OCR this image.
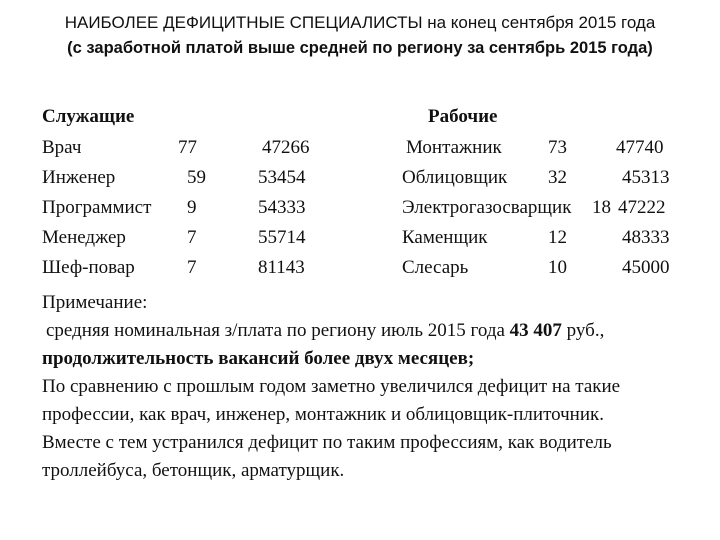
НАИБОЛЕЕ ДЕФИЦИТНЫЕ СПЕЦИАЛИСТЫ на конец сентября 2015 года
(с заработной платой выше средней по региону за сентябрь 2015 года)
Служащие
Врач	77	47266
Инженер	59	53454
Программист 9	54333
Менеджер	7	55714
Шеф-повар	7	81143
Рабочие
Монтажник 73	47740
Облицовщик 32	45313
Электрогазосварщик 18 47222
Каменщик	12	48333
Слесарь	10	45000

Примечание:

средняя номинальная з/плата по региону июль 2015 года 43 407 руб.,

продолжительность вакансий более двух месяцев;

По сравнению с прошлым годом заметно увеличился дефицит на такие профессии, как врач, инженер, монтажник и облицовщик-плиточник.

Вместе с тем устранился дефицит по таким профессиям, как водитель троллейбуса, бетонщик, арматурщик.
